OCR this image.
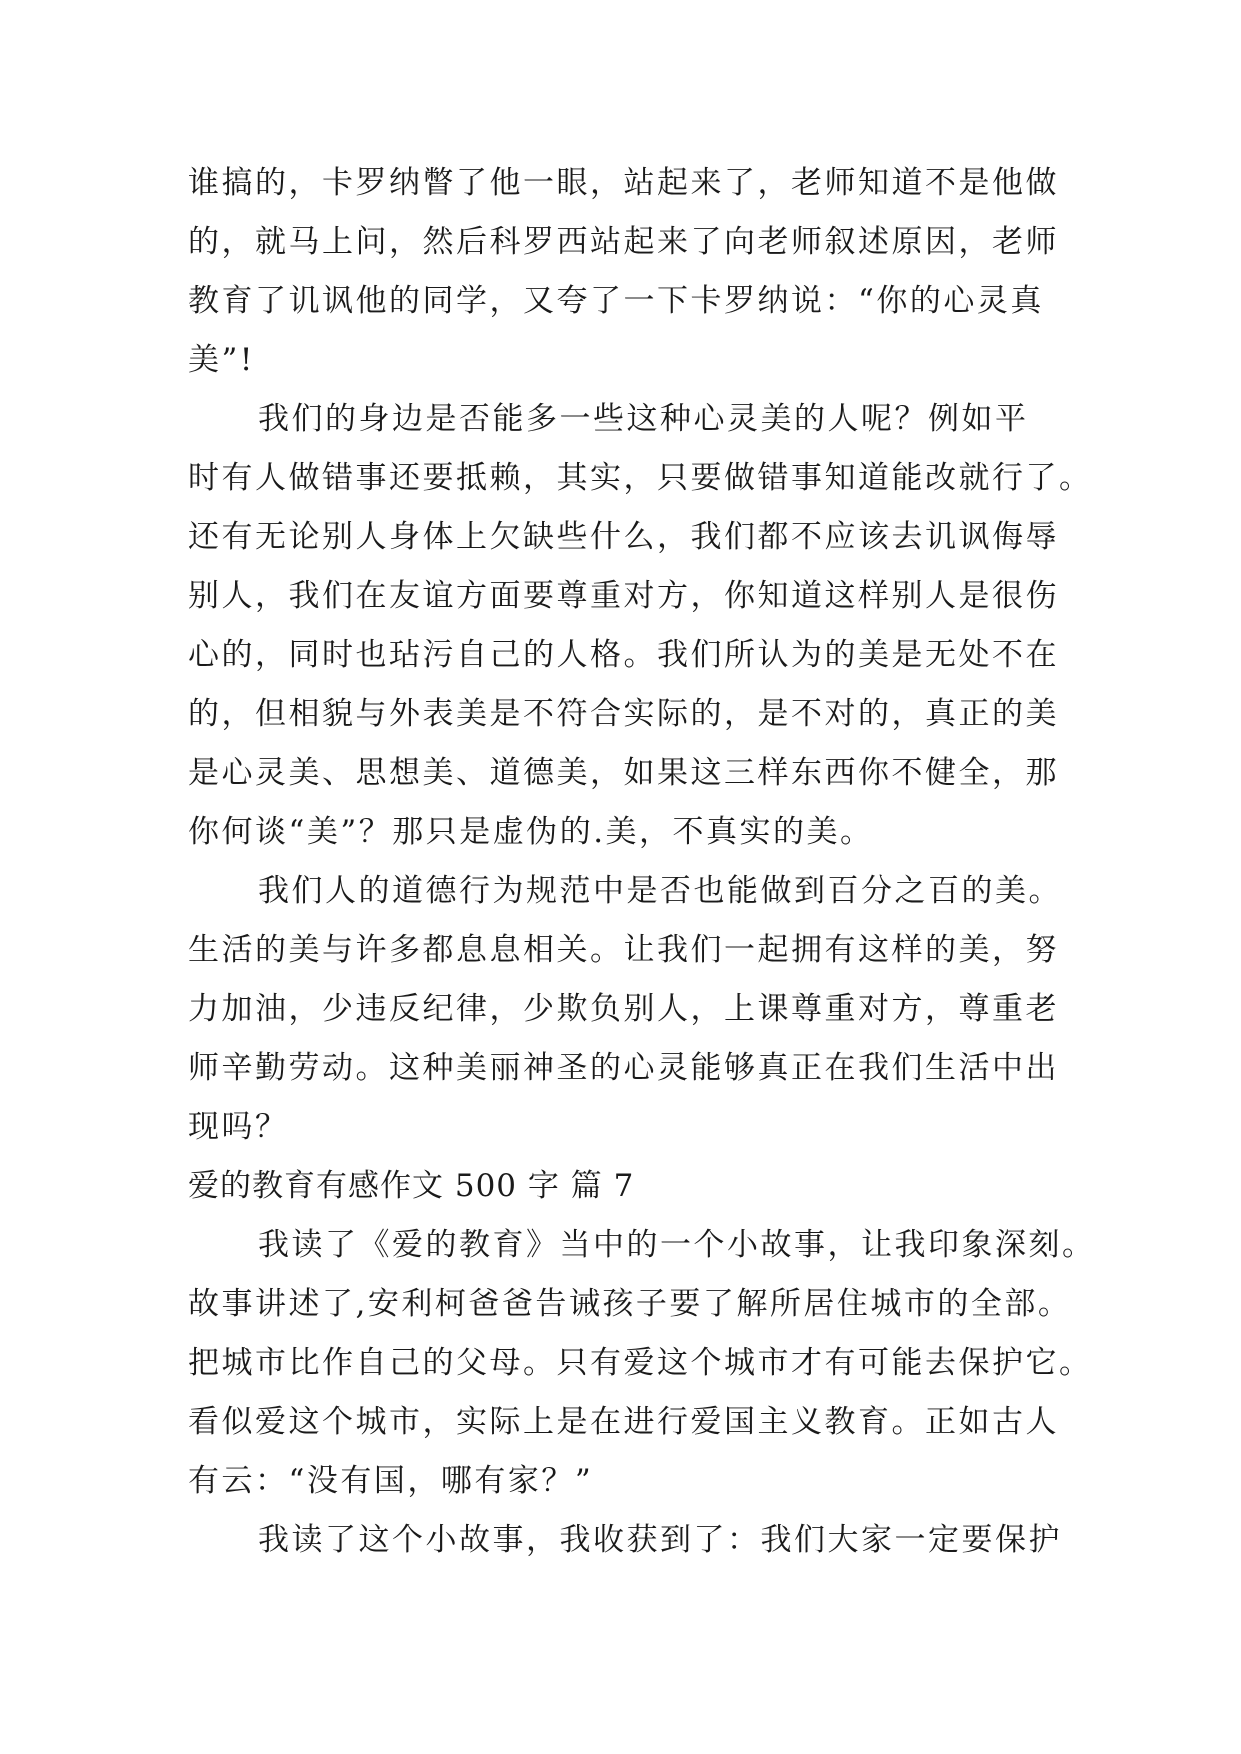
谁搞的，卡罗纳瞥了他一眼，站起来了，老师知道不是他做
的，就马上问，然后科罗西站起来了向老师叙述原因，老师
教育了讥讽他的同学，又夸了一下卡罗纳说：“你的心灵真
美”!
我们的身边是否能多一些这种心灵美的人呢？例如平
时有人做错事还要抵赖，其实，只要做错事知道能改就行了。
还有无论别人身体上欠缺些什么，我们都不应该去讥讽侮辱
别人，我们在友谊方面要尊重对方，你知道这样别人是很伤
心的，同时也玷污自己的人格。我们所认为的美是无处不在
的，但相貌与外表美是不符合实际的，是不对的，真正的美
是心灵美、思想美、道德美，如果这三样东西你不健全，那
你何谈“美”？那只是虚伪的.美，不真实的美。
我们人的道德行为规范中是否也能做到百分之百的美。
生活的美与许多都息息相关。让我们一起拥有这样的美，努
力加油，少违反纪律，少欺负别人，上课尊重对方，尊重老
师辛勤劳动。这种美丽神圣的心灵能够真正在我们生活中出
现吗？
爱的教育有感作文 500 字 篇 7
我读了《爱的教育》当中的一个小故事，让我印象深刻。
故事讲述了,安利柯爸爸告诫孩子要了解所居住城市的全部。
把城市比作自己的父母。只有爱这个城市才有可能去保护它。
看似爱这个城市，实际上是在进行爱国主义教育。正如古人
有云：“没有国，哪有家？”
我读了这个小故事，我收获到了：我们大家一定要保护
